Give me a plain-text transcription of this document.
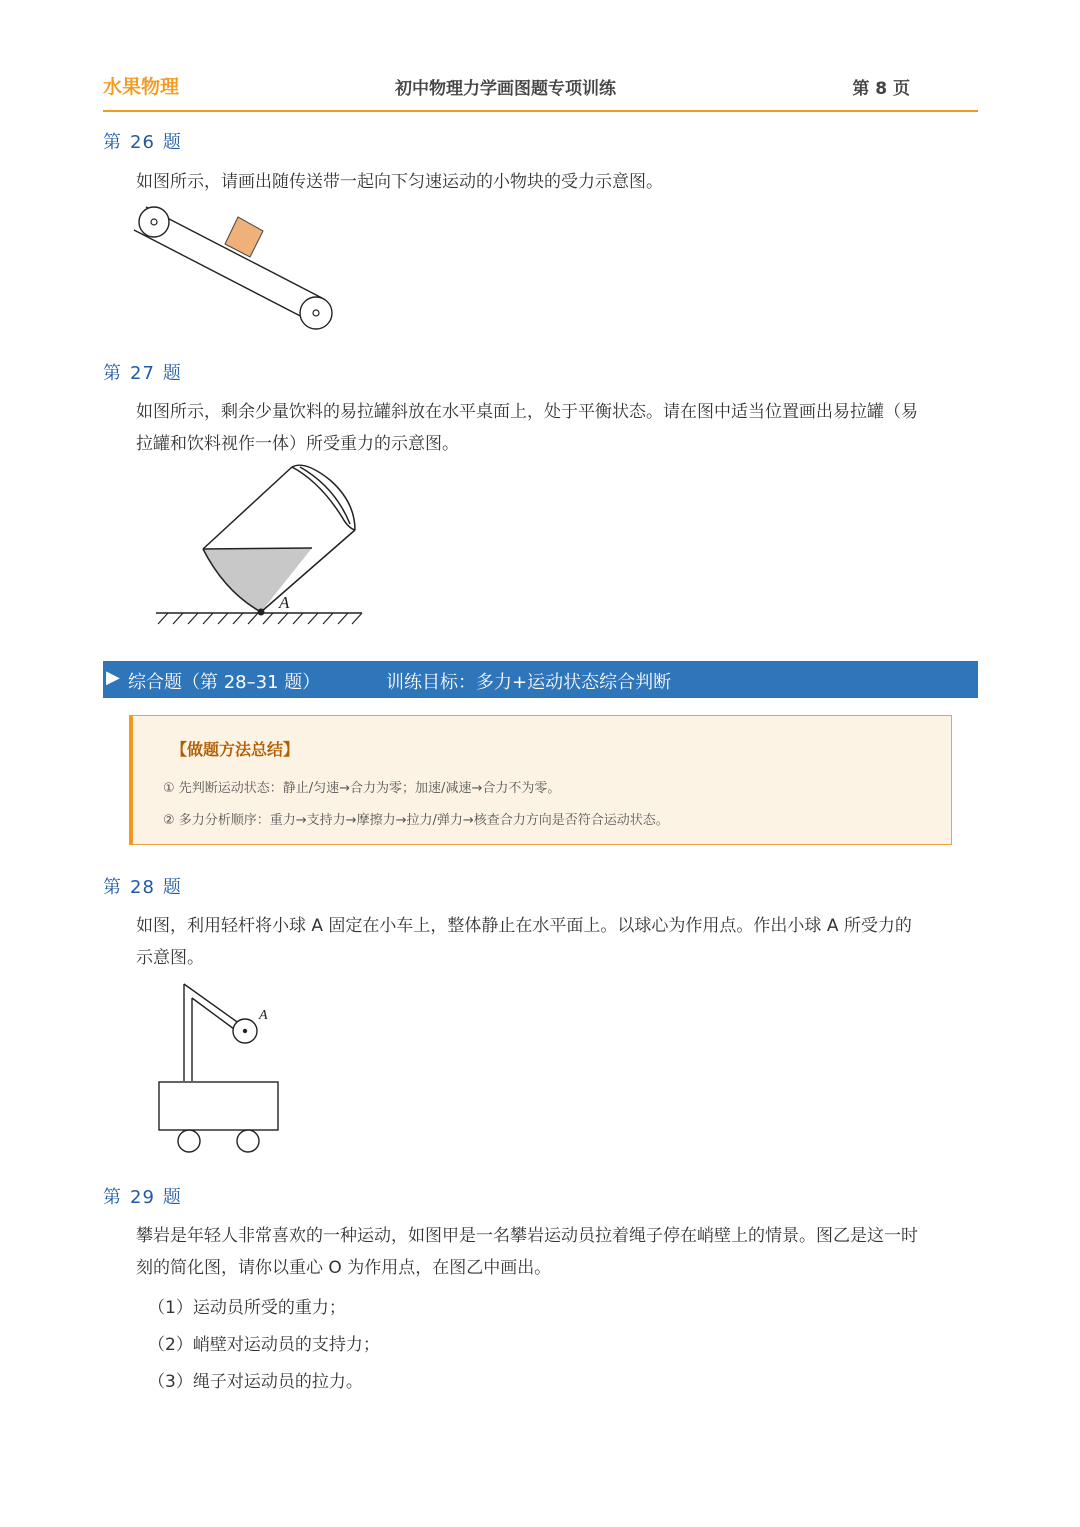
水果物理	初中物理力学画图题专项训练	第 8 页
第 26 题
如图所示，请画出随传送带一起向下匀速运动的小物块的受力示意图。
第 27 题
如图所示，剩余少量饮料的易拉罐斜放在水平桌面上，处于平衡状态。请在图中适当位置画出易拉罐（易
拉罐和饮料视作一体）所受重力的示意图。
A
▶ 综合题（第 28–31 题）	训练目标：多力+运动状态综合判断
【做题方法总结】
① 先判断运动状态：静止/匀速→合力为零；加速/减速→合力不为零。
② 多力分析顺序：重力→支持力→摩擦力→拉力/弹力→核查合力方向是否符合运动状态。
第 28 题
如图，利用轻杆将小球 A 固定在小车上，整体静止在水平面上。以球心为作用点。作出小球 A 所受力的
示意图。
A
第 29 题
攀岩是年轻人非常喜欢的一种运动，如图甲是一名攀岩运动员拉着绳子停在峭壁上的情景。图乙是这一时
刻的简化图，请你以重心 O 为作用点，在图乙中画出。
（1）运动员所受的重力；
（2）峭壁对运动员的支持力；
（3）绳子对运动员的拉力。
